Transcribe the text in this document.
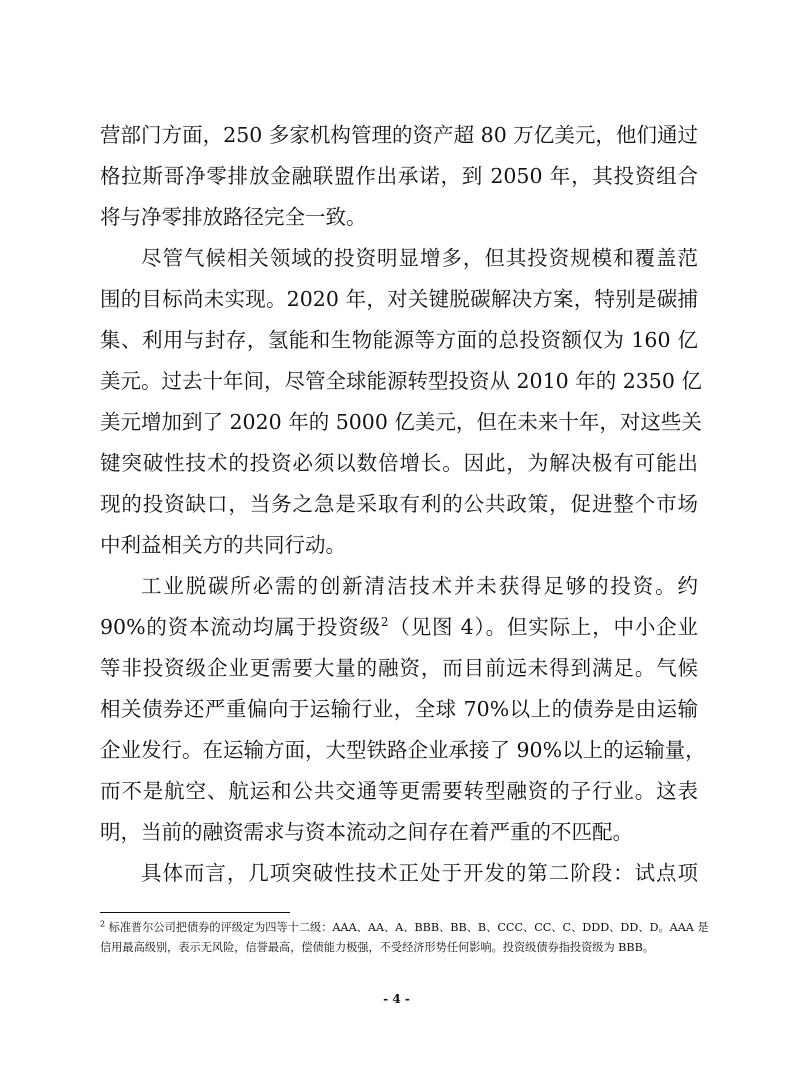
营部门方面，250 多家机构管理的资产超 80 万亿美元，他们通过
格拉斯哥净零排放金融联盟作出承诺，到 2050 年，其投资组合
将与净零排放路径完全一致。
尽管气候相关领域的投资明显增多，但其投资规模和覆盖范
围的目标尚未实现。2020 年，对关键脱碳解决方案，特别是碳捕
集、利用与封存，氢能和生物能源等方面的总投资额仅为 160 亿
美元。过去十年间，尽管全球能源转型投资从 2010 年的 2350 亿
美元增加到了 2020 年的 5000 亿美元，但在未来十年，对这些关
键突破性技术的投资必须以数倍增长。因此，为解决极有可能出
现的投资缺口，当务之急是采取有利的公共政策，促进整个市场
中利益相关方的共同行动。
工业脱碳所必需的创新清洁技术并未获得足够的投资。约
90%的资本流动均属于投资级$^2$（见图 4）。但实际上，中小企业
等非投资级企业更需要大量的融资，而目前远未得到满足。气候
相关债券还严重偏向于运输行业，全球 70%以上的债券是由运输
企业发行。在运输方面，大型铁路企业承接了 90%以上的运输量，
而不是航空、航运和公共交通等更需要转型融资的子行业。这表
明，当前的融资需求与资本流动之间存在着严重的不匹配。
具体而言，几项突破性技术正处于开发的第二阶段：试点项
$^2$ 标准普尔公司把债券的评级定为四等十二级：AAA、AA、A、BBB、BB、B、CCC、CC、C、DDD、DD、D。AAA 是
信用最高级别，表示无风险，信誉最高，偿债能力极强，不受经济形势任何影响。投资级债券指投资级为 BBB。
- 4 -
